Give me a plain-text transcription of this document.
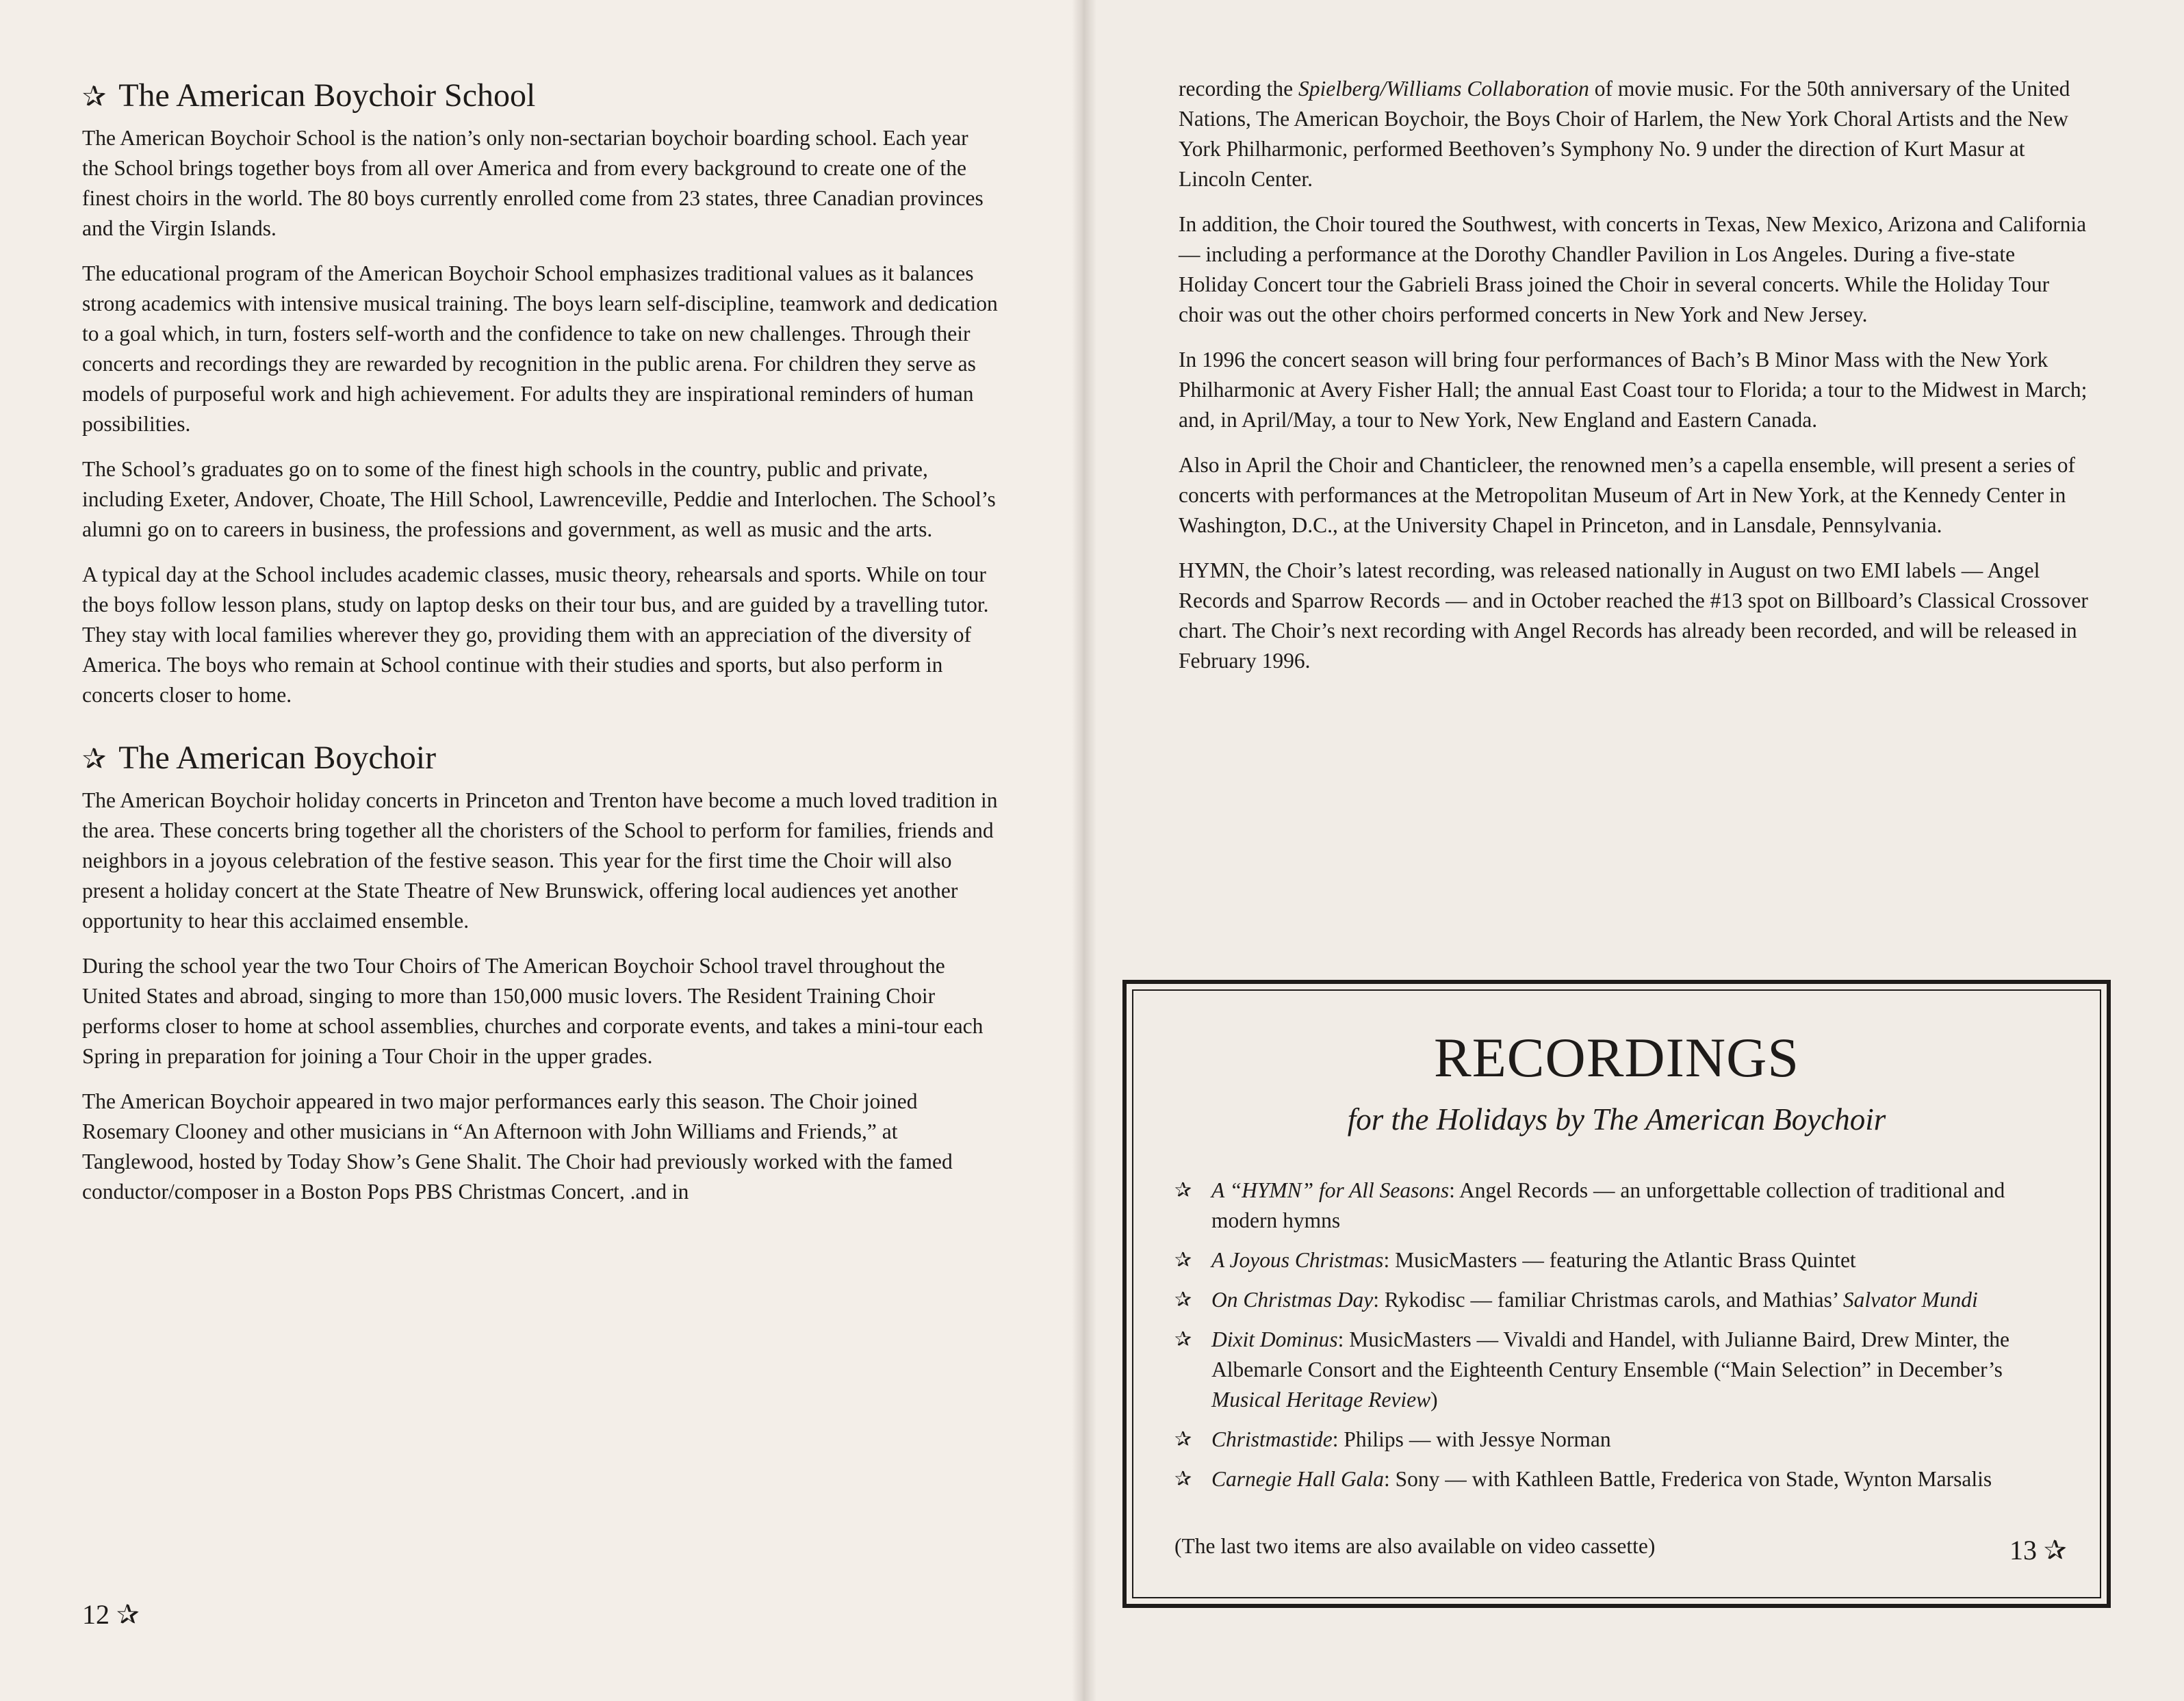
✰ The American Boychoir School

The American Boychoir School is the nation’s only non‑sectarian boychoir boarding school. Each year the School brings together boys from all over America and from every background to create one of the finest choirs in the world. The 80 boys currently enrolled come from 23 states, three Canadian provinces and the Virgin Islands.

The educational program of the American Boychoir School emphasizes traditional values as it balances strong academics with intensive musical training. The boys learn self‑discipline, teamwork and dedication to a goal which, in turn, fosters self‑worth and the confidence to take on new challenges. Through their concerts and recordings they are rewarded by recognition in the public arena. For children they serve as models of purposeful work and high achievement. For adults they are inspirational reminders of human possibilities.

The School’s graduates go on to some of the finest high schools in the country, public and private, including Exeter, Andover, Choate, The Hill School, Lawrenceville, Peddie and Interlochen. The School’s alumni go on to careers in business, the professions and government, as well as music and the arts.

A typical day at the School includes academic classes, music theory, rehearsals and sports. While on tour the boys follow lesson plans, study on laptop desks on their tour bus, and are guided by a travelling tutor. They stay with local families wherever they go, providing them with an appreciation of the diversity of America. The boys who remain at School continue with their studies and sports, but also perform in concerts closer to home.

✰ The American Boychoir

The American Boychoir holiday concerts in Princeton and Trenton have become a much loved tradition in the area. These concerts bring together all the choristers of the School to perform for families, friends and neighbors in a joyous celebration of the festive season. This year for the first time the Choir will also present a holiday concert at the State Theatre of New Brunswick, offering local audiences yet another opportunity to hear this acclaimed ensemble.

During the school year the two Tour Choirs of The American Boychoir School travel throughout the United States and abroad, singing to more than 150,000 music lovers. The Resident Training Choir performs closer to home at school assemblies, churches and corporate events, and takes a mini‑tour each Spring in preparation for joining a Tour Choir in the upper grades.

The American Boychoir appeared in two major performances early this season. The Choir joined Rosemary Clooney and other musicians in “An Afternoon with John Williams and Friends,” at Tanglewood, hosted by Today Show’s Gene Shalit. The Choir had previously worked with the famed conductor/composer in a Boston Pops PBS Christmas Concert, .and in

12 ✰

recording the Spielberg/Williams Collaboration of movie music. For the 50th anniversary of the United Nations, The American Boychoir, the Boys Choir of Harlem, the New York Choral Artists and the New York Philharmonic, performed Beethoven’s Symphony No. 9 under the direction of Kurt Masur at Lincoln Center.

In addition, the Choir toured the Southwest, with concerts in Texas, New Mexico, Arizona and California — including a performance at the Dorothy Chandler Pavilion in Los Angeles. During a five‑state Holiday Concert tour the Gabrieli Brass joined the Choir in several concerts. While the Holiday Tour choir was out the other choirs performed concerts in New York and New Jersey.

In 1996 the concert season will bring four performances of Bach’s B Minor Mass with the New York Philharmonic at Avery Fisher Hall; the annual East Coast tour to Florida; a tour to the Midwest in March; and, in April/May, a tour to New York, New England and Eastern Canada.

Also in April the Choir and Chanticleer, the renowned men’s a capella ensemble, will present a series of concerts with performances at the Metropolitan Museum of Art in New York, at the Kennedy Center in Washington, D.C., at the University Chapel in Princeton, and in Lansdale, Pennsylvania.

HYMN, the Choir’s latest recording, was released nationally in August on two EMI labels — Angel Records and Sparrow Records — and in October reached the #13 spot on Billboard’s Classical Crossover chart. The Choir’s next recording with Angel Records has already been recorded, and will be released in February 1996.

RECORDINGS
for the Holidays by The American Boychoir
✰ A “HYMN” for All Seasons: Angel Records — an unforgettable collection of traditional and modern hymns
✰ A Joyous Christmas: MusicMasters — featuring the Atlantic Brass Quintet
✰ On Christmas Day: Rykodisc — familiar Christmas carols, and Mathias’ Salvator Mundi
✰ Dixit Dominus: MusicMasters — Vivaldi and Handel, with Julianne Baird, Drew Minter, the Albemarle Consort and the Eighteenth Century Ensemble (“Main Selection” in December’s Musical Heritage Review)
✰ Christmastide: Philips — with Jessye Norman
✰ Carnegie Hall Gala: Sony — with Kathleen Battle, Frederica von Stade, Wynton Marsalis
(The last two items are also available on video cassette)	13 ✰
